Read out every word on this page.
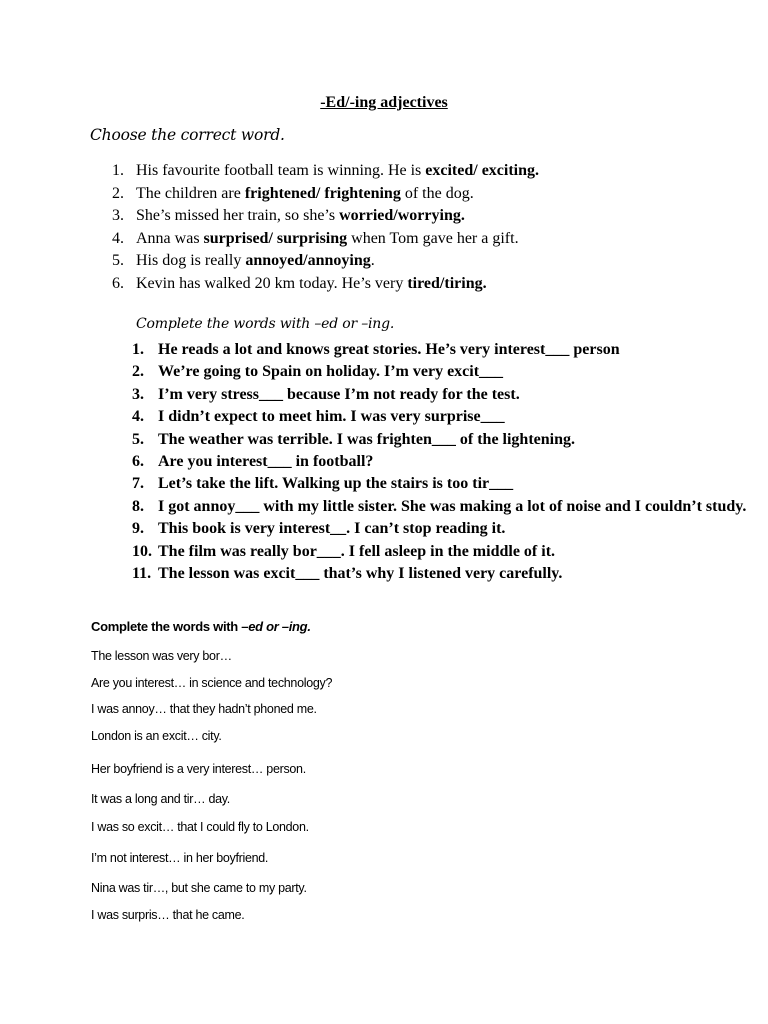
-Ed/-ing adjectives
Choose the correct word.
1. His favourite football team is winning. He is excited/ exciting.
2. The children are frightened/ frightening of the dog.
3. She’s missed her train, so she’s worried/worrying.
4. Anna was surprised/ surprising when Tom gave her a gift.
5. His dog is really annoyed/annoying.
6. Kevin has walked 20 km today. He’s very tired/tiring.
Complete the words with –ed or –ing.
1. He reads a lot and knows great stories. He’s very interest___ person
2. We’re going to Spain on holiday. I’m very excit___
3. I’m very stress___ because I’m not ready for the test.
4. I didn’t expect to meet him. I was very surprise___
5. The weather was terrible. I was frighten___ of the lightening.
6. Are you interest___ in football?
7. Let’s take the lift. Walking up the stairs is too tir___
8. I got annoy___ with my little sister. She was making a lot of noise and I couldn’t study.
9. This book is very interest__. I can’t stop reading it.
10. The film was really bor___. I fell asleep in the middle of it.
11. The lesson was excit___ that’s why I listened very carefully.
Complete the words with –ed or –ing.
The lesson was very bor…
Are you interest… in science and technology?
I was annoy… that they hadn’t phoned me.
London is an excit… city.
Her boyfriend is a very interest… person.
It was a long and tir… day.
I was so excit… that I could fly to London.
I’m not interest… in her boyfriend.
Nina was tir…, but she came to my party.
I was surpris… that he came.
